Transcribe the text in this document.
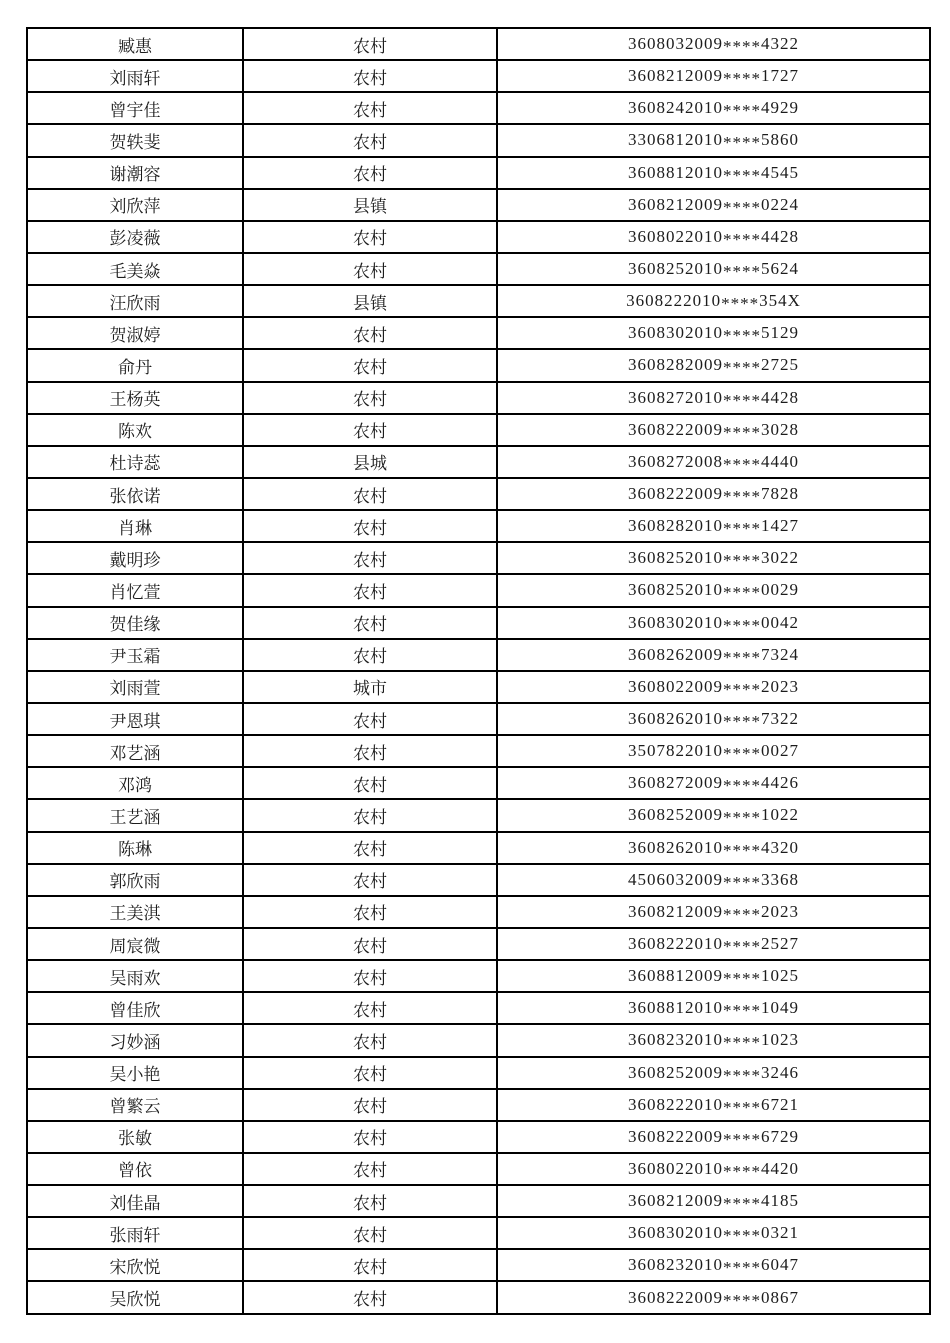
臧惠	农村	3608032009****4322
刘雨轩	农村	3608212009****1727
曾宇佳	农村	3608242010****4929
贺轶斐	农村	3306812010****5860
谢潮容	农村	3608812010****4545
刘欣萍	县镇	3608212009****0224
彭凌薇	农村	3608022010****4428
毛美焱	农村	3608252010****5624
汪欣雨	县镇	3608222010****354X
贺淑婷	农村	3608302010****5129
俞丹	农村	3608282009****2725
王杨英	农村	3608272010****4428
陈欢	农村	3608222009****3028
杜诗蕊	县城	3608272008****4440
张依诺	农村	3608222009****7828
肖琳	农村	3608282010****1427
戴明珍	农村	3608252010****3022
肖忆萱	农村	3608252010****0029
贺佳缘	农村	3608302010****0042
尹玉霜	农村	3608262009****7324
刘雨萱	城市	3608022009****2023
尹恩琪	农村	3608262010****7322
邓艺涵	农村	3507822010****0027
邓鸿	农村	3608272009****4426
王艺涵	农村	3608252009****1022
陈琳	农村	3608262010****4320
郭欣雨	农村	4506032009****3368
王美淇	农村	3608212009****2023
周宸微	农村	3608222010****2527
吴雨欢	农村	3608812009****1025
曾佳欣	农村	3608812010****1049
习妙涵	农村	3608232010****1023
吴小艳	农村	3608252009****3246
曾繁云	农村	3608222010****6721
张敏	农村	3608222009****6729
曾依	农村	3608022010****4420
刘佳晶	农村	3608212009****4185
张雨轩	农村	3608302010****0321
宋欣悦	农村	3608232010****6047
吴欣悦	农村	3608222009****0867
